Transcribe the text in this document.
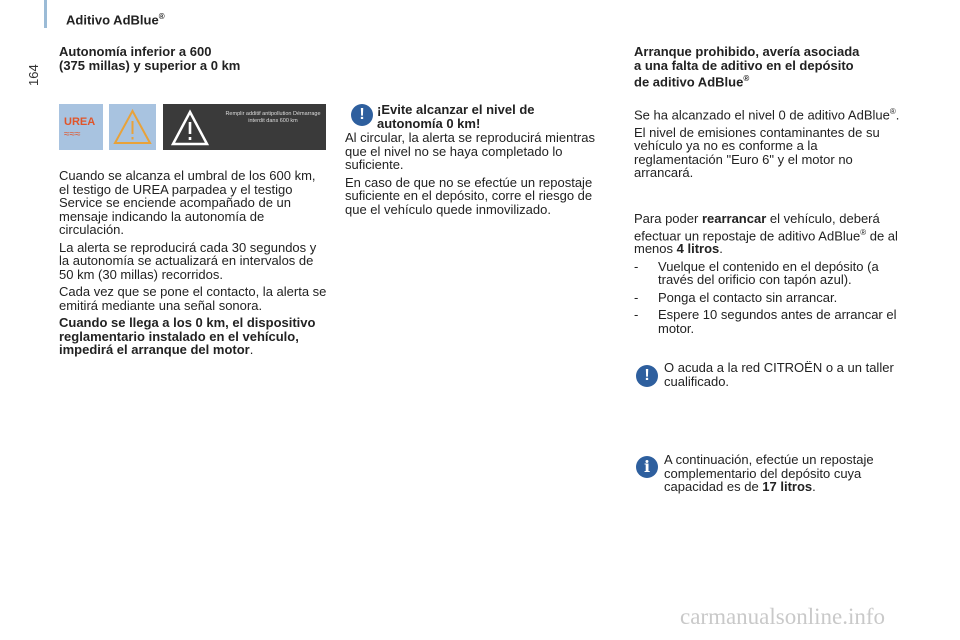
164
Aditivo AdBlue®
Autonomía inferior a 600
(375 millas) y superior a 0 km
UREA
≈≈≈
Remplir additif antipollution Démarrage interdit dans 600 km

Cuando se alcanza el umbral de los 600 km, el testigo de UREA parpadea y el testigo Service se enciende acompañado de un mensaje indicando la autonomía de circulación.

La alerta se reproducirá cada 30 segundos y la autonomía se actualizará en intervalos de 50 km (30 millas) recorridos.

Cada vez que se pone el contacto, la alerta se emitirá mediante una señal sonora.

Cuando se llega a los 0 km, el dispositivo reglamentario instalado en el vehículo, impedirá el arranque del motor.

! ¡Evite alcanzar el nivel de autonomía 0 km!

Al circular, la alerta se reproducirá mientras que el nivel no se haya completado lo suficiente.

En caso de que no se efectúe un repostaje suficiente en el depósito, corre el riesgo de que el vehículo quede inmovilizado.

Arranque prohibido, avería asociada
a una falta de aditivo en el depósito
de aditivo AdBlue®

Se ha alcanzado el nivel 0 de aditivo AdBlue®.

El nivel de emisiones contaminantes de su vehículo ya no es conforme a la reglamentación "Euro 6" y el motor no arrancará.

Para poder rearrancar el vehículo, deberá efectuar un repostaje de aditivo AdBlue® de al menos 4 litros.

-	Vuelque el contenido en el depósito (a través del orificio con tapón azul).
-	Ponga el contacto sin arrancar.
-	Espere 10 segundos antes de arrancar el motor.
!	O acuda a la red CITROËN o a un taller cualificado.
i	A continuación, efectúe un repostaje complementario del depósito cuya capacidad es de 17 litros.
carmanualsonline.info
